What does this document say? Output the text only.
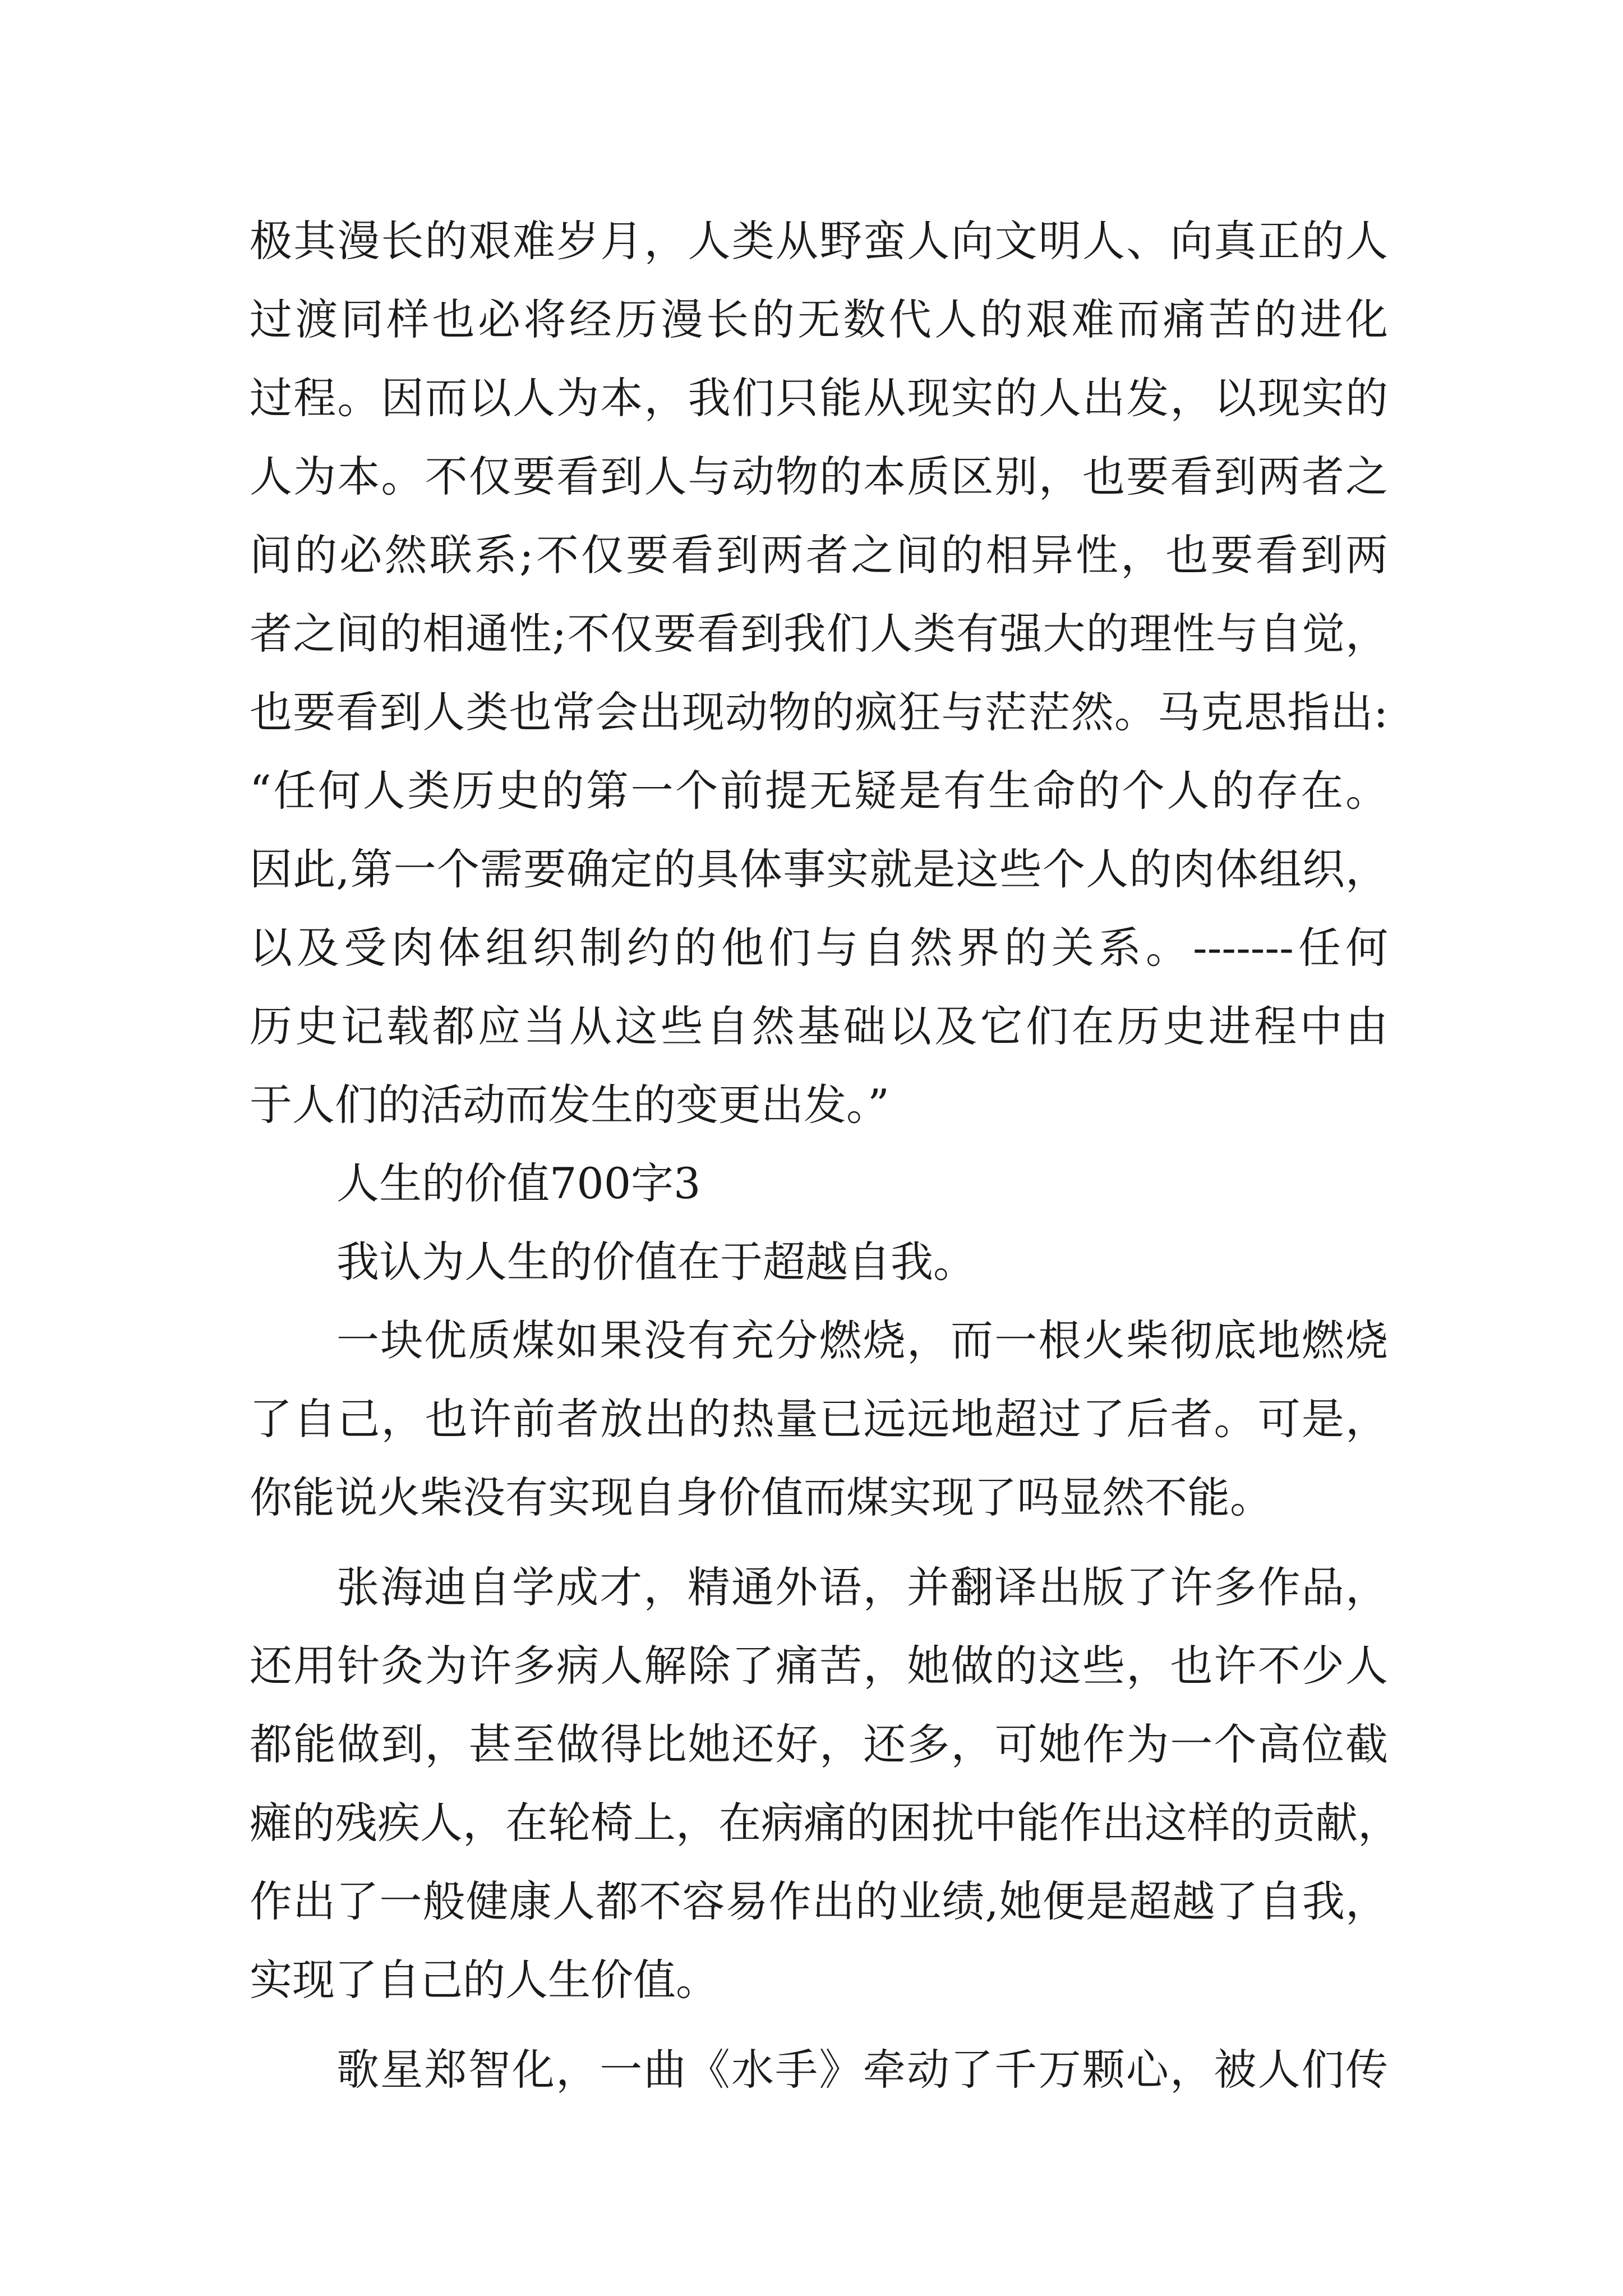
极其漫长的艰难岁月，人类从野蛮人向文明人、向真正的人
过渡同样也必将经历漫长的无数代人的艰难而痛苦的进化
过程。因而以人为本，我们只能从现实的人出发，以现实的
人为本。不仅要看到人与动物的本质区别，也要看到两者之
间的必然联系;不仅要看到两者之间的相异性，也要看到两
者之间的相通性;不仅要看到我们人类有强大的理性与自觉，
也要看到人类也常会出现动物的疯狂与茫茫然。马克思指出:
“任何人类历史的第一个前提无疑是有生命的个人的存在。
因此,第一个需要确定的具体事实就是这些个人的肉体组织，
以及受肉体组织制约的他们与自然界的关系。-------任何
历史记载都应当从这些自然基础以及它们在历史进程中由
于人们的活动而发生的变更出发。”
人生的价值700字3
我认为人生的价值在于超越自我。
一块优质煤如果没有充分燃烧，而一根火柴彻底地燃烧
了自己，也许前者放出的热量已远远地超过了后者。可是，
你能说火柴没有实现自身价值而煤实现了吗显然不能。
张海迪自学成才，精通外语，并翻译出版了许多作品，
还用针灸为许多病人解除了痛苦，她做的这些，也许不少人
都能做到，甚至做得比她还好，还多，可她作为一个高位截
瘫的残疾人，在轮椅上，在病痛的困扰中能作出这样的贡献，
作出了一般健康人都不容易作出的业绩,她便是超越了自我，
实现了自己的人生价值。
歌星郑智化，一曲《水手》牵动了千万颗心，被人们传
